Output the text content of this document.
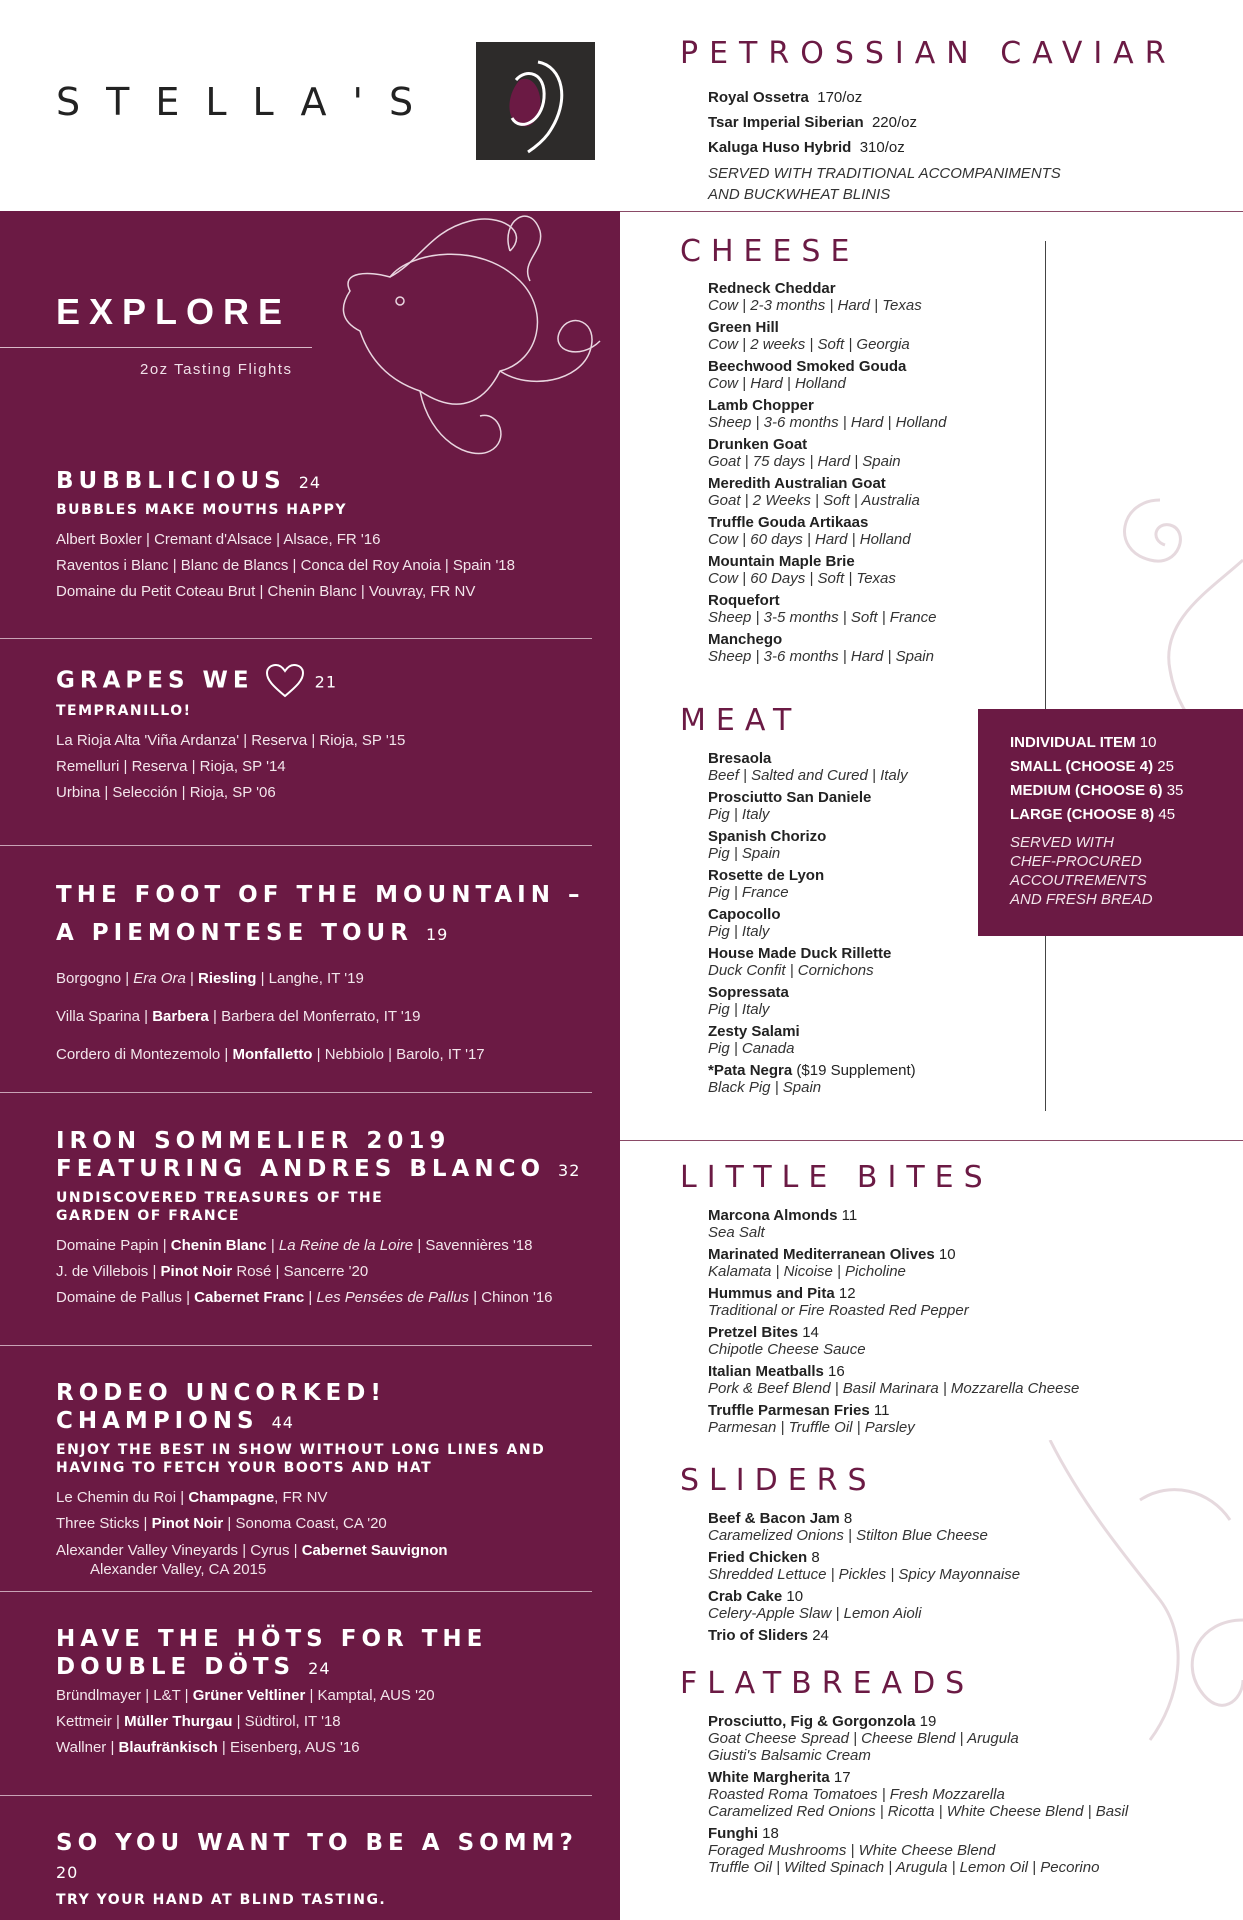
STELLA'S
PETROSSIAN CAVIAR
Royal Ossetra 170/oz
Tsar Imperial Siberian 220/oz
Kaluga Huso Hybrid 310/oz
SERVED WITH TRADITIONAL ACCOMPANIMENTS
AND BUCKWHEAT BLINIS
EXPLORE
2oz Tasting Flights
BUBBLICIOUS 24
BUBBLES MAKE MOUTHS HAPPY
Albert Boxler | Cremant d'Alsace | Alsace, FR '16
Raventos i Blanc | Blanc de Blancs | Conca del Roy Anoia | Spain '18
Domaine du Petit Coteau Brut | Chenin Blanc | Vouvray, FR NV
GRAPES WE	21
TEMPRANILLO!
La Rioja Alta 'Viña Ardanza' | Reserva | Rioja, SP '15
Remelluri | Reserva | Rioja, SP '14
Urbina | Selección | Rioja, SP '06
THE FOOT OF THE MOUNTAIN –
A PIEMONTESE TOUR 19
Borgogno | Era Ora | Riesling | Langhe, IT '19
Villa Sparina | Barbera | Barbera del Monferrato, IT '19
Cordero di Montezemolo | Monfalletto | Nebbiolo | Barolo, IT '17
IRON SOMMELIER 2019
FEATURING ANDRES BLANCO 32
UNDISCOVERED TREASURES OF THE
GARDEN OF FRANCE
Domaine Papin | Chenin Blanc | La Reine de la Loire | Savennières '18
J. de Villebois | Pinot Noir Rosé | Sancerre '20
Domaine de Pallus | Cabernet Franc | Les Pensées de Pallus | Chinon '16
RODEO UNCORKED! CHAMPIONS 44
ENJOY THE BEST IN SHOW WITHOUT LONG LINES AND
HAVING TO FETCH YOUR BOOTS AND HAT
Le Chemin du Roi | Champagne, FR NV
Three Sticks | Pinot Noir | Sonoma Coast, CA '20
Alexander Valley Vineyards | Cyrus | Cabernet Sauvignon
Alexander Valley, CA 2015
HAVE THE HÖTS FOR THE
DOUBLE DÖTS 24
Bründlmayer | L&T | Grüner Veltliner | Kamptal, AUS '20
Kettmeir | Müller Thurgau | Südtirol, IT '18
Wallner | Blaufränkisch | Eisenberg, AUS '16
SO YOU WANT TO BE A SOMM? 20
TRY YOUR HAND AT BLIND TASTING.
CHEESE
Redneck Cheddar
Cow | 2-3 months | Hard | Texas
Green Hill
Cow | 2 weeks | Soft | Georgia
Beechwood Smoked Gouda
Cow | Hard | Holland
Lamb Chopper
Sheep | 3-6 months | Hard | Holland
Drunken Goat
Goat | 75 days | Hard | Spain
Meredith Australian Goat
Goat | 2 Weeks | Soft | Australia
Truffle Gouda Artikaas
Cow | 60 days | Hard | Holland
Mountain Maple Brie
Cow | 60 Days | Soft | Texas
Roquefort
Sheep | 3-5 months | Soft | France
Manchego
Sheep | 3-6 months | Hard | Spain
MEAT
Bresaola
Beef | Salted and Cured | Italy
Prosciutto San Daniele
Pig | Italy
Spanish Chorizo
Pig | Spain
Rosette de Lyon
Pig | France
Capocollo
Pig | Italy
House Made Duck Rillette
Duck Confit | Cornichons
Sopressata
Pig | Italy
Zesty Salami
Pig | Canada
*Pata Negra ($19 Supplement)
Black Pig | Spain
INDIVIDUAL ITEM 10
SMALL (CHOOSE 4) 25
MEDIUM (CHOOSE 6) 35
LARGE (CHOOSE 8) 45
SERVED WITH
CHEF-PROCURED
ACCOUTREMENTS
AND FRESH BREAD
LITTLE BITES
Marcona Almonds 11
Sea Salt
Marinated Mediterranean Olives 10
Kalamata | Nicoise | Picholine
Hummus and Pita 12
Traditional or Fire Roasted Red Pepper
Pretzel Bites 14
Chipotle Cheese Sauce
Italian Meatballs 16
Pork & Beef Blend | Basil Marinara | Mozzarella Cheese
Truffle Parmesan Fries 11
Parmesan | Truffle Oil | Parsley
SLIDERS
Beef & Bacon Jam 8
Caramelized Onions | Stilton Blue Cheese
Fried Chicken 8
Shredded Lettuce | Pickles | Spicy Mayonnaise
Crab Cake 10
Celery-Apple Slaw | Lemon Aioli
Trio of Sliders 24
FLATBREADS
Prosciutto, Fig & Gorgonzola 19
Goat Cheese Spread | Cheese Blend | Arugula
Giusti's Balsamic Cream
White Margherita 17
Roasted Roma Tomatoes | Fresh Mozzarella
Caramelized Red Onions | Ricotta | White Cheese Blend | Basil
Funghi 18
Foraged Mushrooms | White Cheese Blend
Truffle Oil | Wilted Spinach | Arugula | Lemon Oil | Pecorino
